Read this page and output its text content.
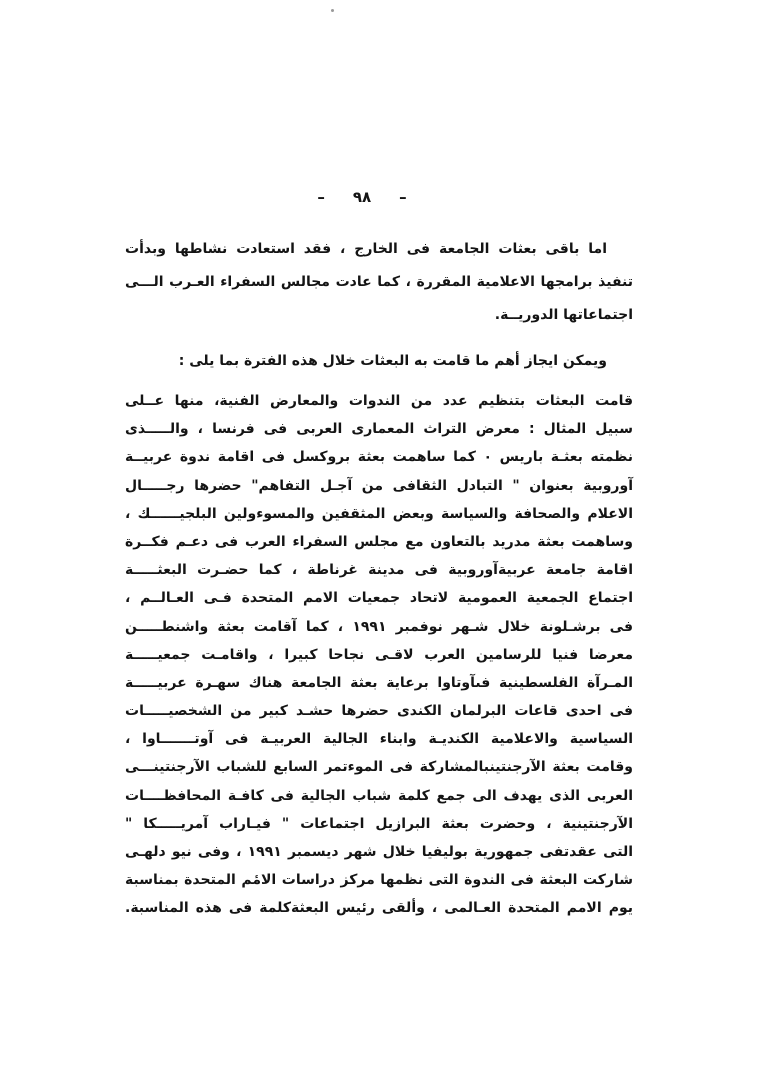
–٩٨–
اما باقى بعثات الجامعة فى الخارج ، فقد استعادت نشاطها وبدأت
تنفيذ برامجها الاعلامية المقررة ، كما عادت مجالس السفراء العـرب الـــى
اجتماعاتها الدوريــة.
ويمكن ايجاز أهم ما قامت به البعثات خلال هذه الفترة بما يلى :
قامت البعثات بتنظيم عدد من الندوات والمعارض الفنية، منها عــلى
سبيل المثال : معرض التراث المعمارى العربى فى فرنسا ، والـــــذى
نظمته بعثـة باريس ٠ كما ساهمت بعثة بروكسل فى اقامة ندوة عربيــة
آوروبية بعنوان " التبادل الثقافى من آجـل التفاهم" حضرها رجـــــال
الاعلام والصحافة والسياسة وبعض المثقفين والمسوءولين البلجيــــــك ،
وساهمت بعثة مدريد بالتعاون مع مجلس السفراء العرب فى دعـم فكــرة
اقامة جامعة عربيةآوروبية فى مدينة غرناطة ، كما حضـرت البعثـــــة
اجتماع الجمعية العمومية لاتحاد جمعيات الامم المتحدة فـى العـالــم ،
فى برشـلونة خلال شـهر نوفمبر ١٩٩١ ، كما آقامت بعثة واشنطـــــن
معرضا فنيا للرسامين العرب لاقـى نجاحا كبيرا ، واقامـت جمعيـــــة
المـرآة الفلسطينية فىآوتاوا برعاية بعثة الجامعة هناك سهـرة عربيـــــة
فى احدى قاعات البرلمان الكندى حضرها حشـد كبير من الشخصيـــــات
السياسية والاعلامية الكنديـة وابناء الجالية العربيـة فى آوتـــــــاوا ،
وقامت بعثة الآرجنتينبالمشاركة فى الموءتمر السابع للشباب الآرجنتينـــى
العربى الذى يهدف الى جمع كلمة شباب الجالية فى كافـة المحافظــــات
الآرجنتينية ، وحضرت بعثة البرازيل اجتماعات " فيـاراب آمريـــــكا "
التى عقدتفى جمهورية بوليفيا خلال شهر ديسمبر ١٩٩١ ، وفى نيو دلهـى
شاركت البعثة فى الندوة التى نظمها مركز دراسات الامٔم المتحدة بمناسبة
يوم الامم المتحدة العـالمى ، وألقى رئيس البعثةكلمة فى هذه المناسبة.
